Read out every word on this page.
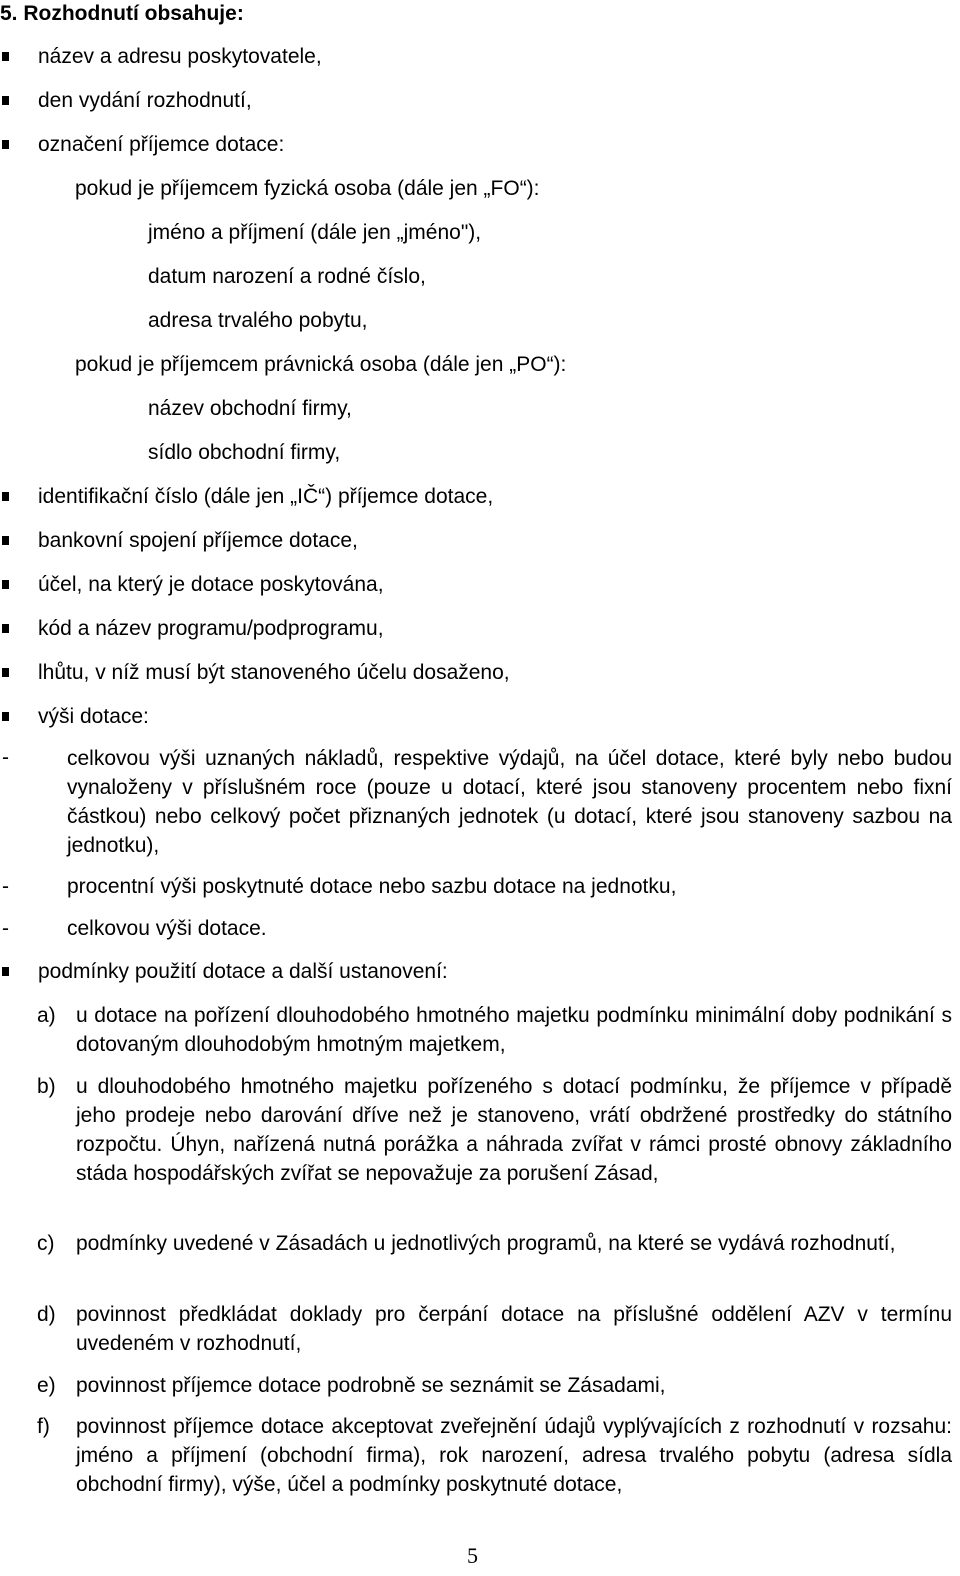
5. Rozhodnutí obsahuje:
název a adresu poskytovatele,
den vydání rozhodnutí,
označení příjemce dotace:
pokud je příjemcem fyzická osoba (dále jen „FO“):
jméno a příjmení (dále jen „jméno"),
datum narození a rodné číslo,
adresa trvalého pobytu,
pokud je příjemcem právnická osoba (dále jen „PO“):
název obchodní firmy,
sídlo obchodní firmy,
identifikační číslo (dále jen „IČ“) příjemce dotace,
bankovní spojení příjemce dotace,
účel, na který je dotace poskytována,
kód a název programu/podprogramu,
lhůtu, v níž musí být stanoveného účelu dosaženo,
výši dotace:
-	celkovou výši uznaných nákladů, respektive výdajů, na účel dotace, které byly nebo budou vynaloženy v příslušném roce (pouze u dotací, které jsou stanoveny procentem nebo fixní částkou) nebo celkový počet přiznaných jednotek (u dotací, které jsou stanoveny sazbou na jednotku),
-	procentní výši poskytnuté dotace nebo sazbu dotace na jednotku,
-	celkovou výši dotace.
podmínky použití dotace a další ustanovení:
a) u dotace na pořízení dlouhodobého hmotného majetku podmínku minimální doby podnikání s dotovaným dlouhodobým hmotným majetkem,
b) u dlouhodobého hmotného majetku pořízeného s dotací podmínku, že příjemce v případě jeho prodeje nebo darování dříve než je stanoveno, vrátí obdržené prostředky do státního rozpočtu. Úhyn, nařízená nutná porážka a náhrada zvířat v rámci prosté obnovy základního stáda hospodářských zvířat se nepovažuje za porušení Zásad,
c) podmínky uvedené v Zásadách u jednotlivých programů, na které se vydává rozhodnutí,
d) povinnost předkládat doklady pro čerpání dotace na příslušné oddělení AZV v termínu uvedeném v rozhodnutí,
e) povinnost příjemce dotace podrobně se seznámit se Zásadami,
f) povinnost příjemce dotace akceptovat zveřejnění údajů vyplývajících z rozhodnutí v rozsahu: jméno a příjmení (obchodní firma), rok narození, adresa trvalého pobytu (adresa sídla obchodní firmy), výše, účel a podmínky poskytnuté dotace,
5
